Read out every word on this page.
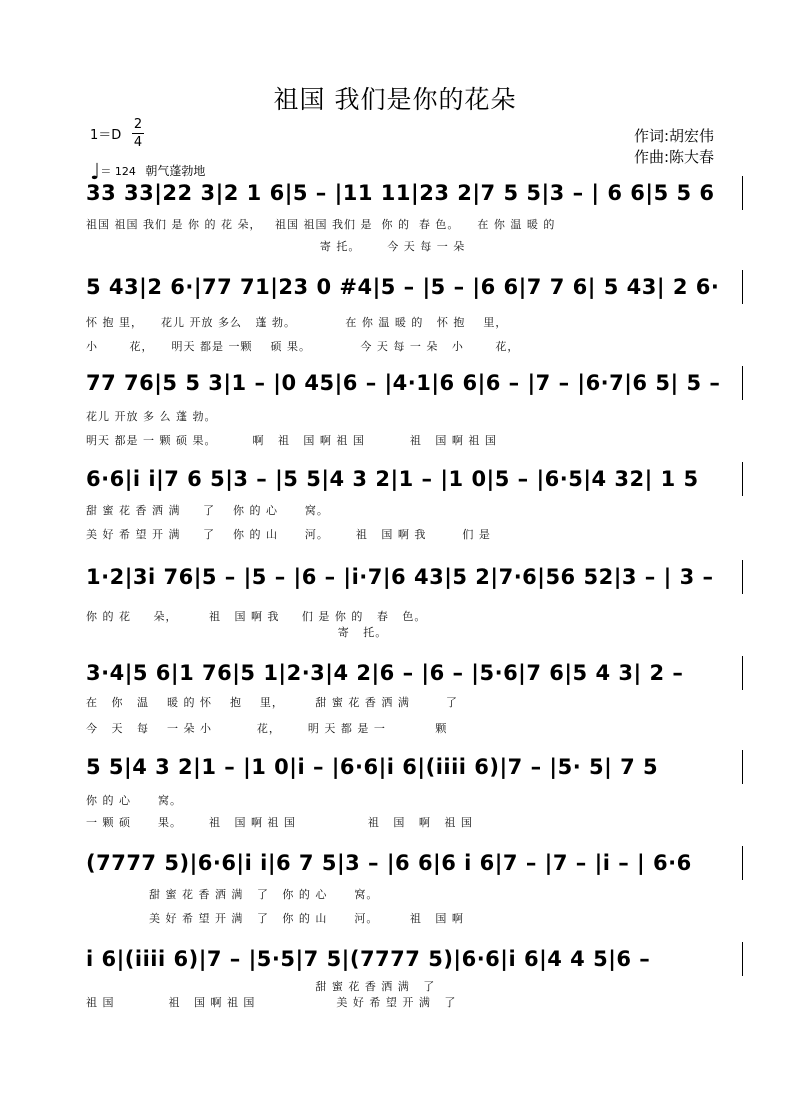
祖国 我们是你的花朵
1＝D
2
4
♩＝ 124 朝气蓬勃地
作词:胡宏伟
作曲:陈大春
33 33|22 3|2 1 6|5 – |11 11|23 2|7 5 5|3 – | 6 6|5 5 6
祖国 祖国 我们 是 你 的 花 朵，   祖国 祖国 我们 是  你 的  春 色。    在 你 温 暖 的
寄 托。      今 天 每 一 朵
5 43|2 6·|77 71|23 0 #4|5 – |5 – |6 6|7 7 6| 5 43| 2 6·
怀 抱 里，    花儿 开放 多么   蓬 勃。           在 你 温 暖 的   怀 抱    里，
小       花，    明天 都是 一颗    硕 果。           今 天 每 一 朵   小       花，
77 76|5 5 3|1 – |0 45|6 – |4·1|6 6|6 – |7 – |6·7|6 5| 5 –
花儿 开放 多 么 蓬 勃。
明天 都是 一 颗 硕 果。        啊   祖   国 啊 祖 国          祖   国 啊 祖 国
6·6|i i|7 6 5|3 – |5 5|4 3 2|1 – |1 0|5 – |6·5|4 32| 1 5
甜 蜜 花 香 洒 满     了    你 的 心      窝。
美 好 希 望 开 满     了    你 的 山      河。      祖   国 啊 我        们 是
1·2|3i 76|5 – |5 – |6 – |i·7|6 43|5 2|7·6|56 52|3 – | 3 –
你 的 花     朵，       祖   国 啊 我     们 是 你 的   春   色。
寄   托。
3·4|5 6|1 76|5 1|2·3|4 2|6 – |6 – |5·6|7 6|5 4 3| 2 –
在   你   温    暖 的 怀    抱    里，       甜 蜜 花 香 洒 满        了
今   天   每    一 朵 小          花，      明 天 都 是 一           颗
5 5|4 3 2|1 – |1 0|i – |6·6|i 6|(iiii 6)|7 – |5· 5| 7 5
你 的 心      窝。
一 颗 硕      果。      祖   国 啊 祖 国                祖   国   啊   祖 国
(7777 5)|6·6|i i|6 7 5|3 – |6 6|6 i 6|7 – |7 – |i – | 6·6
甜 蜜 花 香 洒 满   了   你 的 心      窝。
美 好 希 望 开 满   了   你 的 山      河。       祖   国 啊
i 6|(iiii 6)|7 – |5·5|7 5|(7777 5)|6·6|i 6|4 4 5|6 –
甜 蜜 花 香 洒 满   了
祖 国            祖   国 啊 祖 国                  美 好 希 望 开 满   了
